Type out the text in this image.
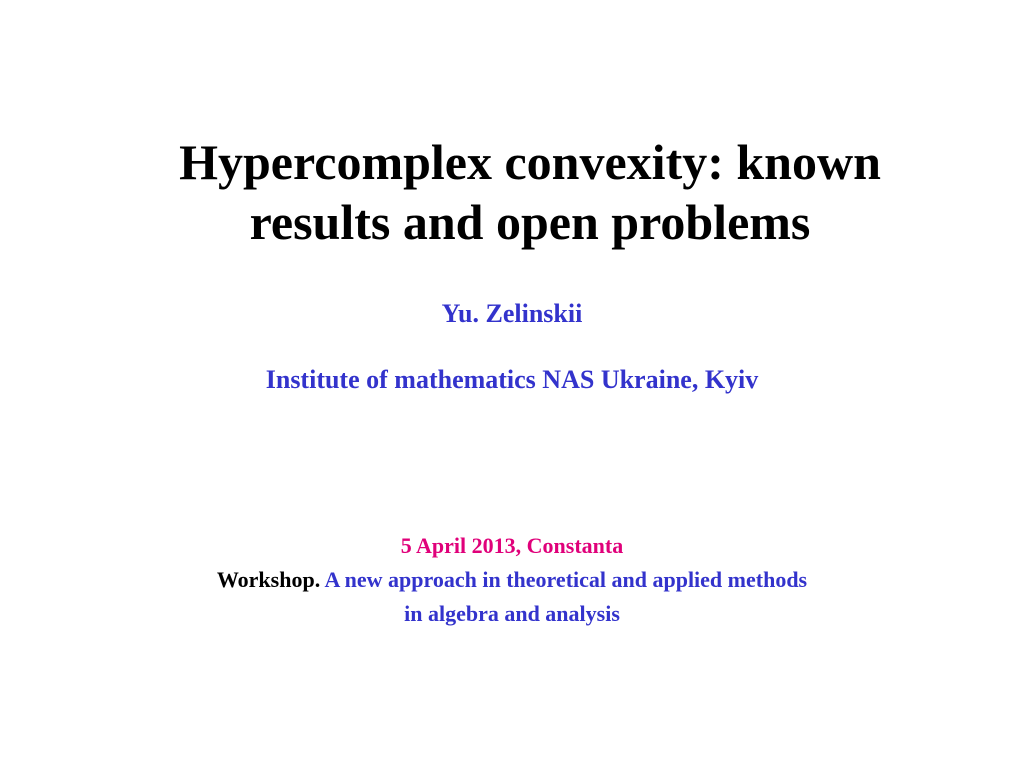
Hypercomplex convexity: known
results and open problems
Yu. Zelinskii
Institute of mathematics NAS Ukraine, Kyiv
5 April 2013, Constanta
Workshop. A new approach in theoretical and applied methods
in algebra and analysis
